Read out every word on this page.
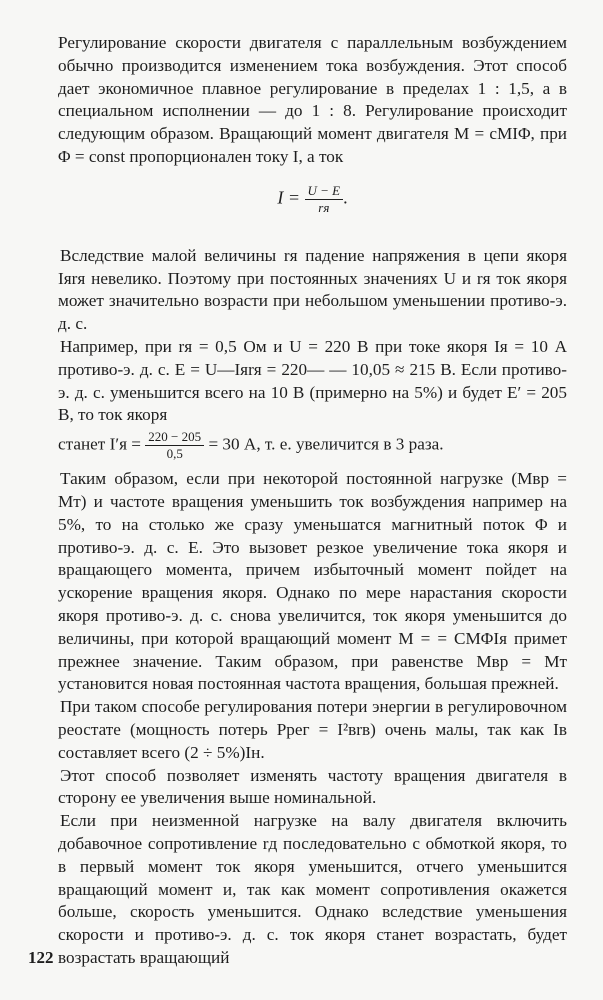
Регулирование скорости двигателя с параллельным возбуждением обычно производится изменением тока возбуждения. Этот способ дает экономичное плавное регулирование в пределах 1 : 1,5, а в специальном исполнении — до 1 : 8. Регулирование происходит следующим образом. Вращающий момент двигателя M = cMIΦ, при Φ = const пропорционален току I, а ток

$I = \frac{U - E}{rя}$ .

Вследствие малой величины rя падение напряжения в цепи якоря Iяrя невелико. Поэтому при постоянных значениях U и rя ток якоря может значительно возрасти при небольшом уменьшении противо-э. д. с.

Например, при rя = 0,5 Ом и U = 220 В при токе якоря Iя = 10 А противо-э. д. с. E = U—Iяrя = 220— — 10,05 ≈ 215 В. Если противо-э. д. с. уменьшится всего на 10 В (примерно на 5%) и будет E′ = 205 В, то ток якоря

станет $I'я = \frac{220 - 205}{0,5} = 30$ А, т. е. увеличится в 3 раза.

Таким образом, если при некоторой постоянной нагрузке (Mвр = Mт) и частоте вращения уменьшить ток возбуждения например на 5%, то на столько же сразу уменьшатся магнитный поток Φ и противо-э. д. с. E. Это вызовет резкое увеличение тока якоря и вращающего момента, причем избыточный момент пойдет на ускорение вращения якоря. Однако по мере нарастания скорости якоря противо-э. д. с. снова увеличится, ток якоря уменьшится до величины, при которой вращающий момент M = = CMΦIя примет прежнее значение. Таким образом, при равенстве Mвр = Mт установится новая постоянная частота вращения, большая прежней.

При таком способе регулирования потери энергии в регулировочном реостате (мощность потерь Pрег = I²вrв) очень малы, так как Iв составляет всего (2 ÷ 5%)Iн.

Этот способ позволяет изменять частоту вращения двигателя в сторону ее увеличения выше номинальной.

Если при неизменной нагрузке на валу двигателя включить добавочное сопротивление rд последовательно с обмоткой якоря, то в первый момент ток якоря уменьшится, отчего уменьшится вращающий момент и, так как момент сопротивления окажется больше, скорость уменьшится. Однако вследствие уменьшения скорости и противо-э. д. с. ток якоря станет возрастать, будет возрастать вращающий

122
